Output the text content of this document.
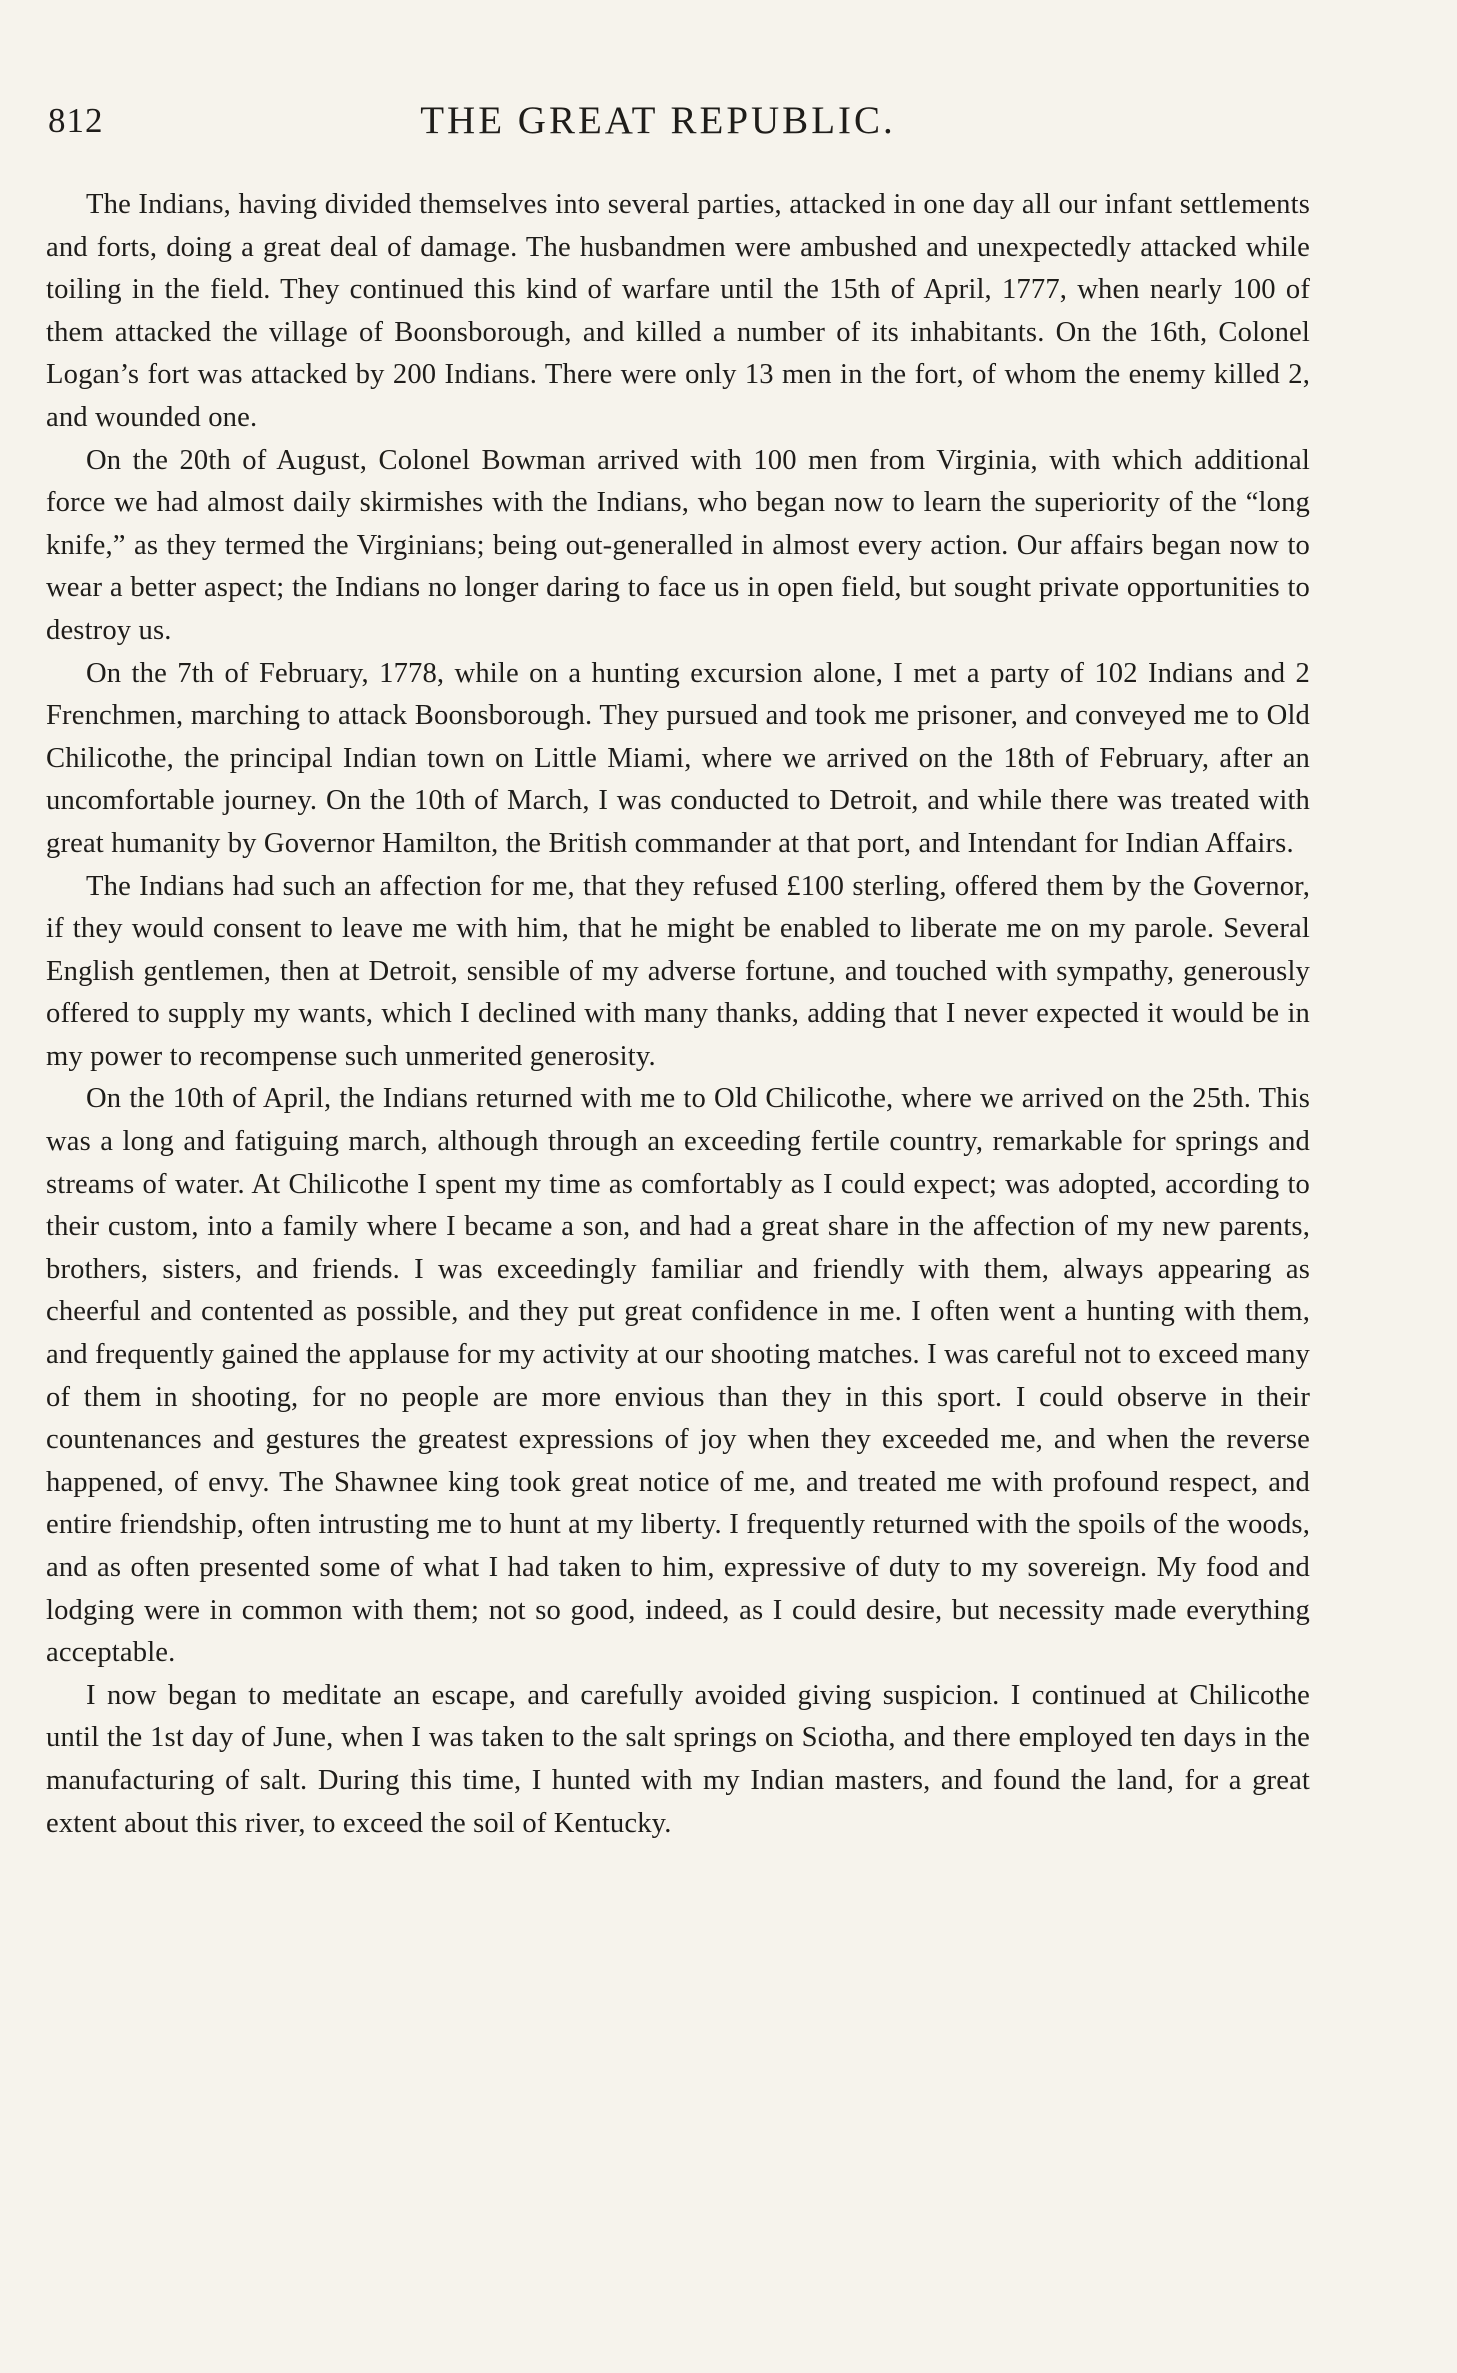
812	THE GREAT REPUBLIC.

The Indians, having divided themselves into several parties, attacked in one day all our infant settlements and forts, doing a great deal of damage. The husbandmen were ambushed and unexpectedly attacked while toiling in the field. They continued this kind of warfare until the 15th of April, 1777, when nearly 100 of them attacked the village of Boonsborough, and killed a number of its inhabitants. On the 16th, Colonel Logan’s fort was attacked by 200 Indians. There were only 13 men in the fort, of whom the enemy killed 2, and wounded one.

On the 20th of August, Colonel Bowman arrived with 100 men from Virginia, with which additional force we had almost daily skirmishes with the Indians, who began now to learn the superiority of the “long knife,” as they termed the Virginians; being out-generalled in almost every action. Our affairs began now to wear a better aspect; the Indians no longer daring to face us in open field, but sought private opportunities to destroy us.

On the 7th of February, 1778, while on a hunting excursion alone, I met a party of 102 Indians and 2 Frenchmen, marching to attack Boonsborough. They pursued and took me prisoner, and conveyed me to Old Chilicothe, the principal Indian town on Little Miami, where we arrived on the 18th of February, after an uncomfortable journey. On the 10th of March, I was conducted to Detroit, and while there was treated with great humanity by Governor Hamilton, the British commander at that port, and Intendant for Indian Affairs.

The Indians had such an affection for me, that they refused £100 sterling, offered them by the Governor, if they would consent to leave me with him, that he might be enabled to liberate me on my parole. Several English gentlemen, then at Detroit, sensible of my adverse fortune, and touched with sympathy, generously offered to supply my wants, which I declined with many thanks, adding that I never expected it would be in my power to recompense such unmerited generosity.

On the 10th of April, the Indians returned with me to Old Chilicothe, where we arrived on the 25th. This was a long and fatiguing march, although through an exceeding fertile country, remarkable for springs and streams of water. At Chilicothe I spent my time as comfortably as I could expect; was adopted, according to their custom, into a family where I became a son, and had a great share in the affection of my new parents, brothers, sisters, and friends. I was exceedingly familiar and friendly with them, always appearing as cheerful and contented as possible, and they put great confidence in me. I often went a hunting with them, and frequently gained the applause for my activity at our shooting matches. I was careful not to exceed many of them in shooting, for no people are more envious than they in this sport. I could observe in their countenances and gestures the greatest expressions of joy when they exceeded me, and when the reverse happened, of envy. The Shawnee king took great notice of me, and treated me with profound respect, and entire friendship, often intrusting me to hunt at my liberty. I frequently returned with the spoils of the woods, and as often presented some of what I had taken to him, expressive of duty to my sovereign. My food and lodging were in common with them; not so good, indeed, as I could desire, but necessity made everything acceptable.

I now began to meditate an escape, and carefully avoided giving suspicion. I continued at Chilicothe until the 1st day of June, when I was taken to the salt springs on Sciotha, and there employed ten days in the manufacturing of salt. During this time, I hunted with my Indian masters, and found the land, for a great extent about this river, to exceed the soil of Kentucky.
